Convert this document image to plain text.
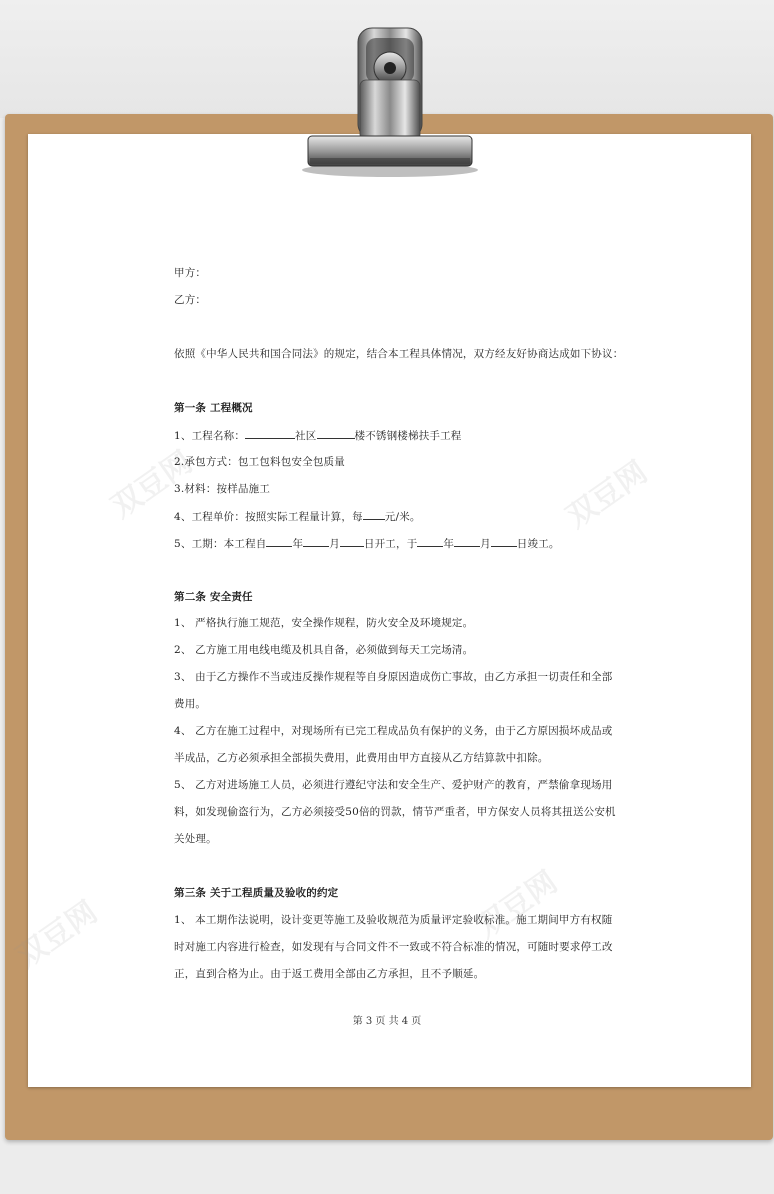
双豆网	双豆网
双豆网	双豆网
甲方：
乙方：
依照《中华人民共和国合同法》的规定，结合本工程具体情况，双方经友好协商达成如下协议：
第一条 工程概况
1、工程名称：	社区	楼不锈钢楼梯扶手工程
2.承包方式：包工包料包安全包质量
3.材料：按样品施工
4、工程单价：按照实际工程量计算，每 元/米。
5、工期：本工程自 年 月 日开工，于 年 月 日竣工。
第二条 安全责任
1、 严格执行施工规范，安全操作规程，防火安全及环境规定。
2、 乙方施工用电线电缆及机具自备，必须做到每天工完场清。
3、 由于乙方操作不当或违反操作规程等自身原因造成伤亡事故，由乙方承担一切责任和全部
费用。
4、 乙方在施工过程中，对现场所有已完工程成品负有保护的义务，由于乙方原因损坏成品或
半成品，乙方必须承担全部损失费用，此费用由甲方直接从乙方结算款中扣除。
5、 乙方对进场施工人员，必须进行遵纪守法和安全生产、爱护财产的教育，严禁偷拿现场用
料，如发现偷盗行为，乙方必须接受50倍的罚款，情节严重者，甲方保安人员将其扭送公安机
关处理。
第三条 关于工程质量及验收的约定
1、 本工期作法说明，设计变更等施工及验收规范为质量评定验收标准。施工期间甲方有权随
时对施工内容进行检查，如发现有与合同文件不一致或不符合标准的情况，可随时要求停工改
正，直到合格为止。由于返工费用全部由乙方承担，且不予顺延。
第 3 页 共 4 页
